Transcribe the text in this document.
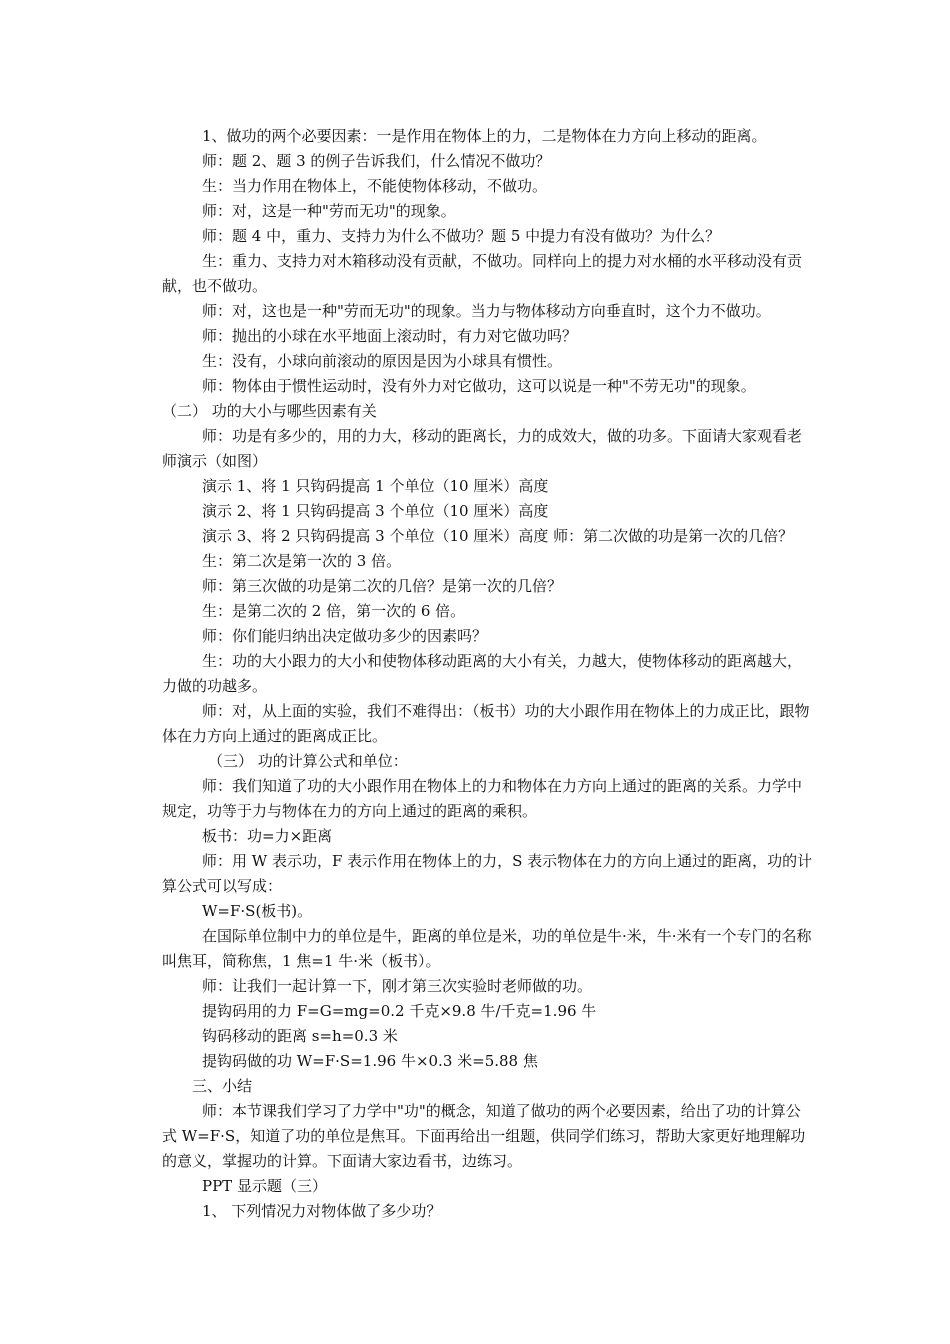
1、做功的两个必要因素：一是作用在物体上的力，二是物体在力方向上移动的距离。

师：题 2、题 3 的例子告诉我们，什么情况不做功？

生：当力作用在物体上，不能使物体移动，不做功。

师：对，这是一种"劳而无功"的现象。

师：题 4 中，重力、支持力为什么不做功？题 5 中提力有没有做功？为什么？

生：重力、支持力对木箱移动没有贡献，不做功。同样向上的提力对水桶的水平移动没有贡献，也不做功。

师：对，这也是一种"劳而无功"的现象。当力与物体移动方向垂直时，这个力不做功。

师：抛出的小球在水平地面上滚动时，有力对它做功吗？

生：没有，小球向前滚动的原因是因为小球具有惯性。

师：物体由于惯性运动时，没有外力对它做功，这可以说是一种"不劳无功"的现象。

（二） 功的大小与哪些因素有关

师：功是有多少的，用的力大，移动的距离长，力的成效大，做的功多。下面请大家观看老师演示（如图）

演示 1、将 1 只钩码提高 1 个单位（10 厘米）高度

演示 2、将 1 只钩码提高 3 个单位（10 厘米）高度

演示 3、将 2 只钩码提高 3 个单位（10 厘米）高度 师：第二次做的功是第一次的几倍？

生：第二次是第一次的 3 倍。

师：第三次做的功是第二次的几倍？是第一次的几倍？

生：是第二次的 2 倍，第一次的 6 倍。

师：你们能归纳出决定做功多少的因素吗？

生：功的大小跟力的大小和使物体移动距离的大小有关，力越大，使物体移动的距离越大，力做的功越多。

师：对，从上面的实验，我们不难得出：（板书）功的大小跟作用在物体上的力成正比，跟物体在力方向上通过的距离成正比。

（三） 功的计算公式和单位：

师：我们知道了功的大小跟作用在物体上的力和物体在力方向上通过的距离的关系。力学中规定，功等于力与物体在力的方向上通过的距离的乘积。

板书：功=力×距离

师：用 W 表示功，F 表示作用在物体上的力，S 表示物体在力的方向上通过的距离，功的计算公式可以写成：

W=F·S(板书)。

在国际单位制中力的单位是牛，距离的单位是米，功的单位是牛·米，牛·米有一个专门的名称叫焦耳，简称焦，1 焦=1 牛·米（板书）。

师：让我们一起计算一下，刚才第三次实验时老师做的功。

提钩码用的力 F=G=mg=0.2 千克×9.8 牛/千克=1.96 牛

钩码移动的距离 s=h=0.3 米

提钩码做的功 W=F·S=1.96 牛×0.3 米=5.88 焦

三、小结

师：本节课我们学习了力学中"功"的概念，知道了做功的两个必要因素，给出了功的计算公式 W=F·S，知道了功的单位是焦耳。下面再给出一组题，供同学们练习，帮助大家更好地理解功的意义，掌握功的计算。下面请大家边看书，边练习。

PPT 显示题（三）

1、 下列情况力对物体做了多少功？
